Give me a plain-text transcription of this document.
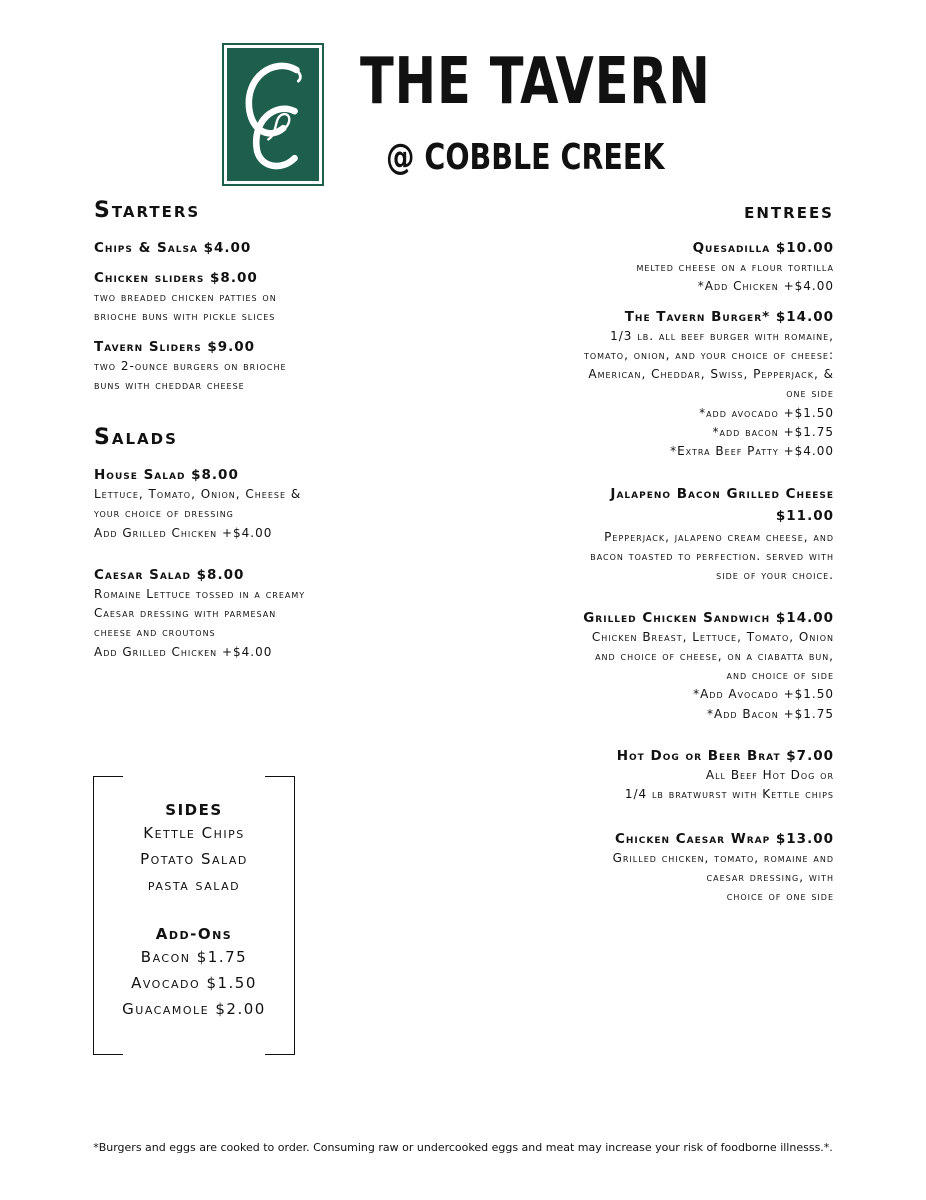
THE TAVERN
@ COBBLE CREEK
Starters
Chips & Salsa $4.00
Chicken sliders $8.00
two breaded chicken patties on
brioche buns with pickle slices
Tavern Sliders $9.00
two 2-ounce burgers on brioche
buns with cheddar cheese
Salads
House Salad $8.00
Lettuce, Tomato, Onion, Cheese &
your choice of dressing
Add Grilled Chicken +$4.00
Caesar Salad $8.00
Romaine Lettuce tossed in a creamy
Caesar dressing with parmesan
cheese and croutons
Add Grilled Chicken +$4.00
entrees
Quesadilla $10.00
melted cheese on a flour tortilla
*Add Chicken +$4.00
The Tavern Burger* $14.00
1/3 lb. all beef burger with romaine,
tomato, onion, and your choice of cheese:
American, Cheddar, Swiss, Pepperjack, &
one side
*add avocado +$1.50
*add bacon +$1.75
*Extra Beef Patty +$4.00
Jalapeno Bacon Grilled Cheese
$11.00
Pepperjack, jalapeno cream cheese, and
bacon toasted to perfection. served with
side of your choice.
Grilled Chicken Sandwich $14.00
Chicken Breast, Lettuce, Tomato, Onion
and choice of cheese, on a ciabatta bun,
and choice of side
*Add Avocado +$1.50
*Add Bacon +$1.75
Hot Dog or Beer Brat $7.00
All Beef Hot Dog or
1/4 lb bratwurst with Kettle chips
Chicken Caesar Wrap $13.00
Grilled chicken, tomato, romaine and
caesar dressing, with
choice of one side
SIDES
Kettle Chips
Potato Salad
pasta salad
Add-Ons
Bacon $1.75
Avocado $1.50
Guacamole $2.00
*Burgers and eggs are cooked to order. Consuming raw or undercooked eggs and meat may increase your risk of foodborne illnesss.*.
